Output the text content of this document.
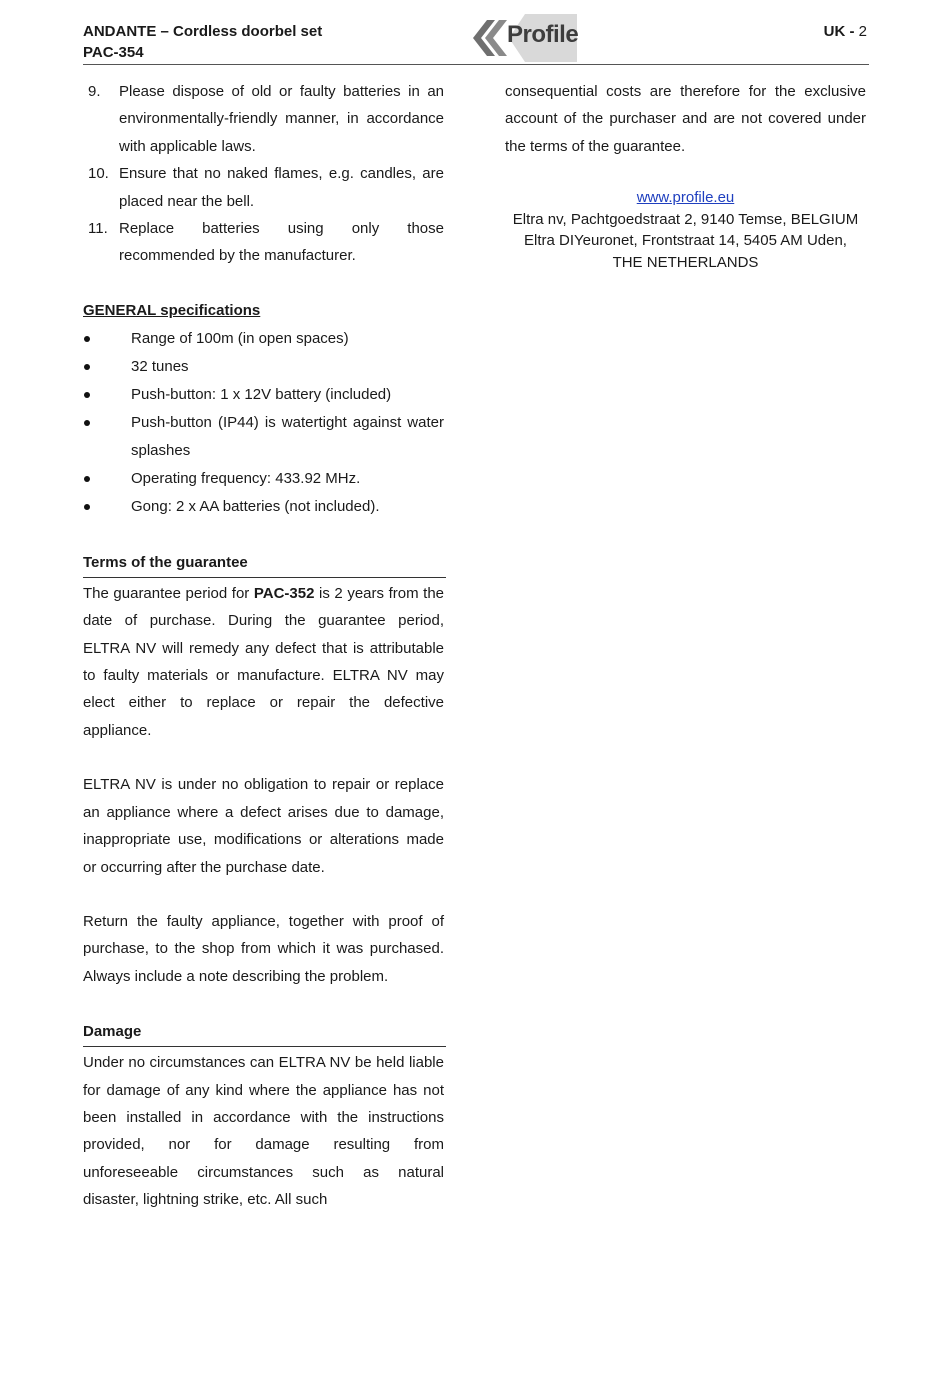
ANDANTE – Cordless doorbel set
PAC-354
Profile	UK - 2
9. Please dispose of old or faulty batteries in an environmentally-friendly manner, in accordance with applicable laws.
10. Ensure that no naked flames, e.g. candles, are placed near the bell.
11. Replace batteries using only those recommended by the manufacturer.
GENERAL specifications
Range of 100m (in open spaces)
32 tunes
Push-button: 1 x 12V battery (included)
Push-button (IP44) is watertight against water splashes
Operating frequency: 433.92 MHz.
Gong: 2 x AA batteries (not included).
Terms of the guarantee

The guarantee period for PAC-352 is 2 years from the date of purchase. During the guarantee period, ELTRA NV will remedy any defect that is attributable to faulty materials or manufacture. ELTRA NV may elect either to replace or repair the defective appliance.

ELTRA NV is under no obligation to repair or replace an appliance where a defect arises due to damage, inappropriate use, modifications or alterations made or occurring after the purchase date.

Return the faulty appliance, together with proof of purchase, to the shop from which it was purchased. Always include a note describing the problem.

Damage

Under no circumstances can ELTRA NV be held liable for damage of any kind where the appliance has not been installed in accordance with the instructions provided, nor for damage resulting from unforeseeable circumstances such as natural disaster, lightning strike, etc. All such

consequential costs are therefore for the exclusive account of the purchaser and are not covered under the terms of the guarantee.

www.profile.eu
Eltra nv, Pachtgoedstraat 2, 9140 Temse, BELGIUM
Eltra DIYeuronet, Frontstraat 14, 5405 AM Uden,
THE NETHERLANDS
